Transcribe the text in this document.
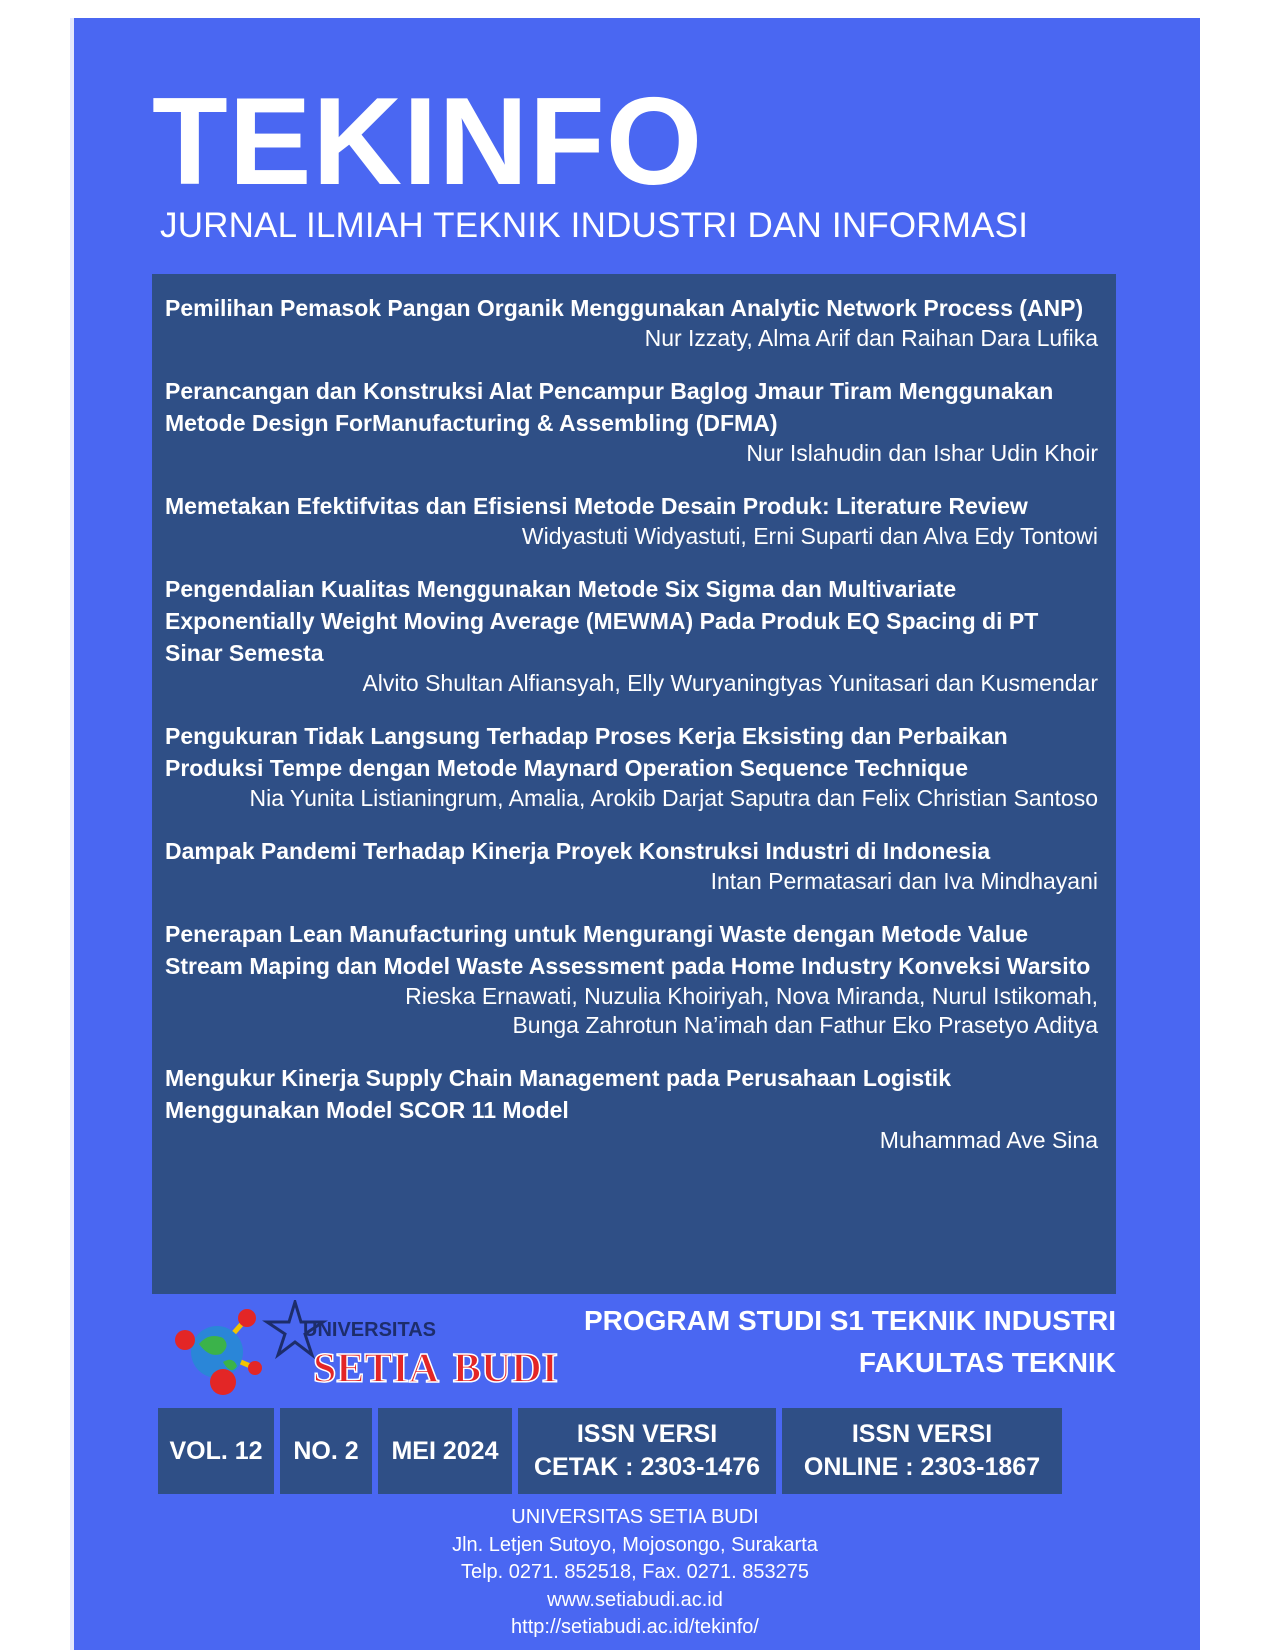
TEKINFO
JURNAL ILMIAH TEKNIK INDUSTRI DAN INFORMASI
Pemilihan Pemasok Pangan Organik Menggunakan Analytic Network Process (ANP)
Nur Izzaty, Alma Arif dan Raihan Dara Lufika
Perancangan dan Konstruksi Alat Pencampur Baglog Jmaur Tiram Menggunakan Metode Design ForManufacturing & Assembling (DFMA)
Nur Islahudin dan Ishar Udin Khoir
Memetakan Efektifvitas dan Efisiensi Metode Desain Produk: Literature Review
Widyastuti Widyastuti, Erni Suparti dan Alva Edy Tontowi
Pengendalian Kualitas Menggunakan Metode Six Sigma dan Multivariate Exponentially Weight Moving Average (MEWMA) Pada Produk EQ Spacing di PT Sinar Semesta
Alvito Shultan Alfiansyah, Elly Wuryaningtyas Yunitasari dan Kusmendar
Pengukuran Tidak Langsung Terhadap Proses Kerja Eksisting dan Perbaikan Produksi Tempe dengan Metode Maynard Operation Sequence Technique
Nia Yunita Listianingrum, Amalia, Arokib Darjat Saputra dan Felix Christian Santoso
Dampak Pandemi Terhadap Kinerja Proyek Konstruksi Industri di Indonesia
Intan Permatasari dan Iva Mindhayani
Penerapan Lean Manufacturing untuk Mengurangi Waste dengan Metode Value Stream Maping dan Model Waste Assessment pada Home Industry Konveksi Warsito
Rieska Ernawati, Nuzulia Khoiriyah, Nova Miranda, Nurul Istikomah,
Bunga Zahrotun Na’imah dan Fathur Eko Prasetyo Aditya
Mengukur Kinerja Supply Chain Management pada Perusahaan Logistik Menggunakan Model SCOR 11 Model
Muhammad Ave Sina
UNIVERSITAS
SETIA BUDI
PROGRAM STUDI S1 TEKNIK INDUSTRI
FAKULTAS TEKNIK
VOL. 12 NO. 2 MEI 2024
ISSN VERSI
CETAK : 2303-1476
ISSN VERSI
ONLINE : 2303-1867
UNIVERSITAS SETIA BUDI
Jln. Letjen Sutoyo, Mojosongo, Surakarta
Telp. 0271. 852518, Fax. 0271. 853275
www.setiabudi.ac.id
http://setiabudi.ac.id/tekinfo/
